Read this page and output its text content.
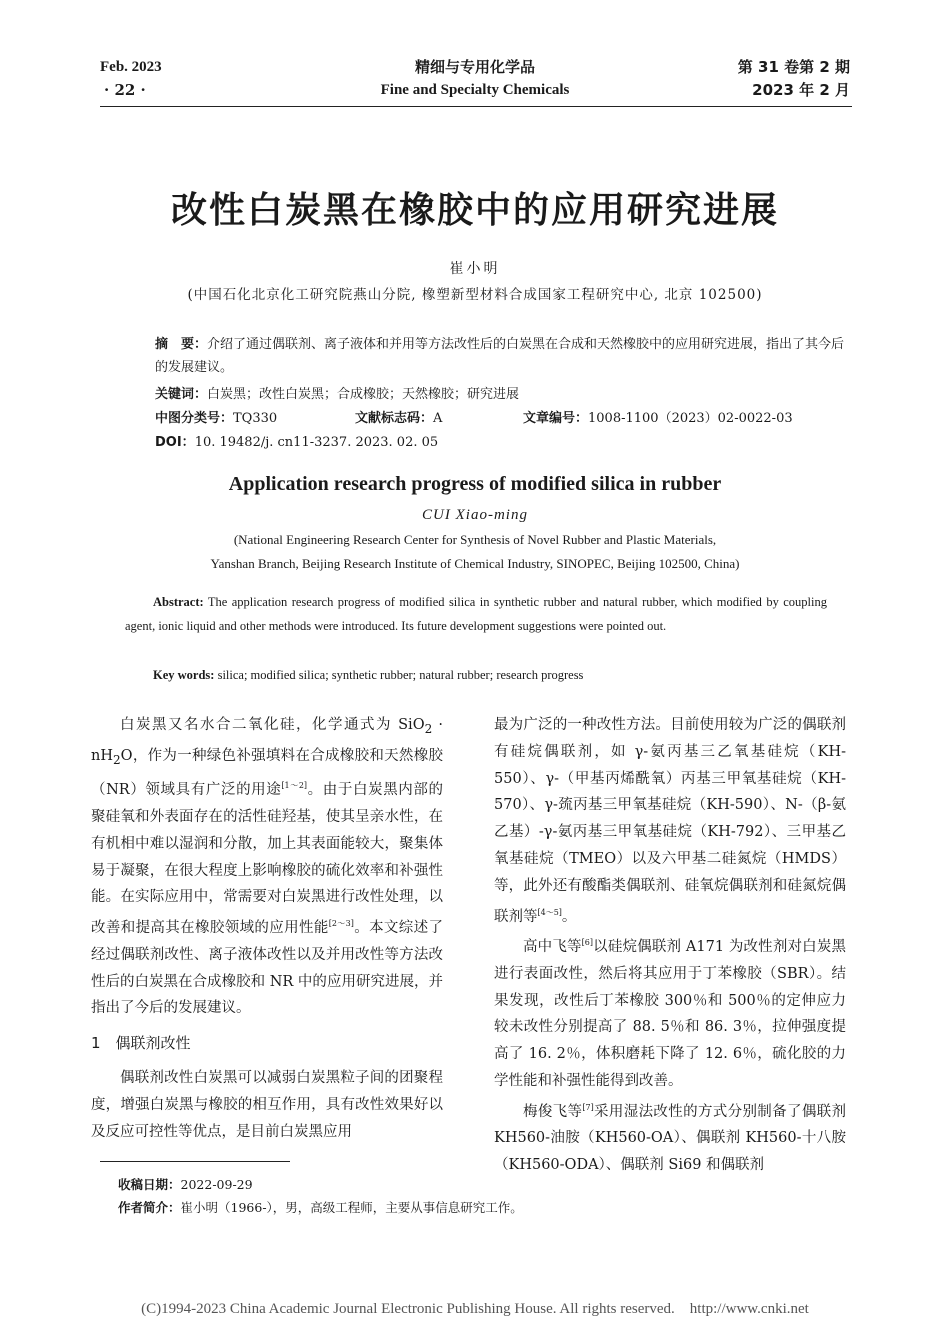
Feb. 2023
· 22 ·
精细与专用化学品
Fine and Specialty Chemicals
第 31 卷第 2 期
2023 年 2 月
改性白炭黑在橡胶中的应用研究进展
崔小明
(中国石化北京化工研究院燕山分院, 橡塑新型材料合成国家工程研究中心, 北京 102500)
摘　要：介绍了通过偶联剂、离子液体和并用等方法改性后的白炭黑在合成和天然橡胶中的应用研究进展，指出了其今后的发展建议。
关键词：白炭黑；改性白炭黑；合成橡胶；天然橡胶；研究进展
中图分类号：TQ330	文献标志码：A	文章编号：1008-1100（2023）02-0022-03
DOI：10. 19482/j. cn11-3237. 2023. 02. 05
Application research progress of modified silica in rubber
CUI Xiao-ming
(National Engineering Research Center for Synthesis of Novel Rubber and Plastic Materials,
Yanshan Branch, Beijing Research Institute of Chemical Industry, SINOPEC, Beijing 102500, China)
Abstract: The application research progress of modified silica in synthetic rubber and natural rubber, which modified by coupling agent, ionic liquid and other methods were introduced. Its future development suggestions were pointed out.
Key words: silica; modified silica; synthetic rubber; natural rubber; research progress

白炭黑又名水合二氧化硅，化学通式为 $SiO_2 \cdot nH_2O$，作为一种绿色补强填料在合成橡胶和天然橡胶（NR）领域具有广泛的用途[1～2]。由于白炭黑内部的聚硅氧和外表面存在的活性硅羟基，使其呈亲水性，在有机相中难以湿润和分散，加上其表面能较大，聚集体易于凝聚，在很大程度上影响橡胶的硫化效率和补强性能。在实际应用中，常需要对白炭黑进行改性处理，以改善和提高其在橡胶领域的应用性能[2～3]。本文综述了经过偶联剂改性、离子液体改性以及并用改性等方法改性后的白炭黑在合成橡胶和 NR 中的应用研究进展，并指出了今后的发展建议。

1　偶联剂改性

偶联剂改性白炭黑可以减弱白炭黑粒子间的团聚程度，增强白炭黑与橡胶的相互作用，具有改性效果好以及反应可控性等优点，是目前白炭黑应用

最为广泛的一种改性方法。目前使用较为广泛的偶联剂有硅烷偶联剂，如 γ-氨丙基三乙氧基硅烷（KH-550）、γ-（甲基丙烯酰氧）丙基三甲氧基硅烷（KH-570）、γ-巯丙基三甲氧基硅烷（KH-590）、N-（β-氨乙基）-γ-氨丙基三甲氧基硅烷（KH-792）、三甲基乙氧基硅烷（TMEO）以及六甲基二硅氮烷（HMDS）等，此外还有酸酯类偶联剂、硅氧烷偶联剂和硅氮烷偶联剂等[4～5]。

高中飞等[6]以硅烷偶联剂 A171 为改性剂对白炭黑进行表面改性，然后将其应用于丁苯橡胶（SBR）。结果发现，改性后丁苯橡胶 300％和 500％的定伸应力较未改性分别提高了 88. 5％和 86. 3％，拉伸强度提高了 16. 2％，体积磨耗下降了 12. 6％，硫化胶的力学性能和补强性能得到改善。

梅俊飞等[7]采用湿法改性的方式分别制备了偶联剂 KH560-油胺（KH560-OA）、偶联剂 KH560-十八胺（KH560-ODA）、偶联剂 Si69 和偶联剂

收稿日期：2022-09-29
作者简介：崔小明（1966-），男，高级工程师，主要从事信息研究工作。
(C)1994-2023 China Academic Journal Electronic Publishing House. All rights reserved.　http://www.cnki.net
